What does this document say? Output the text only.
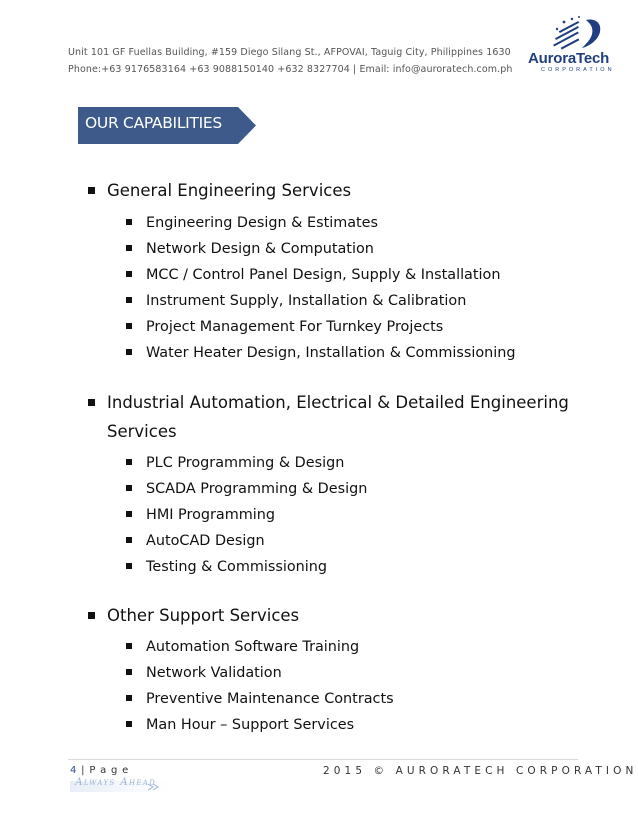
Unit 101 GF Fuellas Building, #159 Diego Silang St., AFPOVAI, Taguig City, Philippines 1630
Phone:+63 9176583164 +63 9088150140 +632 8327704 | Email: info@auroratech.com.ph
AuroraTech
CORPORATION
OUR CAPABILITIES
General Engineering Services
Engineering Design & Estimates
Network Design & Computation
MCC / Control Panel Design, Supply & Installation
Instrument Supply, Installation & Calibration
Project Management For Turnkey Projects
Water Heater Design, Installation & Commissioning
Industrial Automation, Electrical & Detailed Engineering
Services
PLC Programming & Design
SCADA Programming & Design
HMI Programming
AutoCAD Design
Testing & Commissioning
Other Support Services
Automation Software Training
Network Validation
Preventive Maintenance Contracts
Man Hour – Support Services
4 | P a g e	2015 © AURORATECH CORPORATION
Always Ahead
